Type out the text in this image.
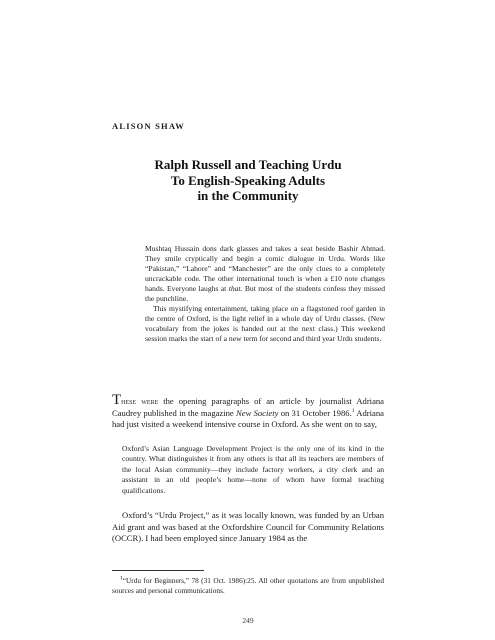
ALISON SHAW
Ralph Russell and Teaching Urdu
To English-Speaking Adults
in the Community

Mushtaq Hussain dons dark glasses and takes a seat beside Bashir Ahmad. They smile cryptically and begin a comic dialogue in Urdu. Words like “Pakistan,” “Lahore” and “Manchester” are the only clues to a completely uncrackable code. The other international touch is when a £10 note changes hands. Everyone laughs at that. But most of the students confess they missed the punchline.

This mystifying entertainment, taking place on a flagstoned roof garden in the centre of Oxford, is the light relief in a whole day of Urdu classes. (New vocabulary from the jokes is handed out at the next class.) This weekend session marks the start of a new term for second and third year Urdu students.

These were the opening paragraphs of an article by journalist Adriana Caudrey published in the magazine New Society on 31 October 1986.$^1$ Adriana had just visited a weekend intensive course in Oxford. As she went on to say,

Oxford’s Asian Language Development Project is the only one of its kind in the country. What distinguishes it from any others is that all its teachers are members of the local Asian community—they include factory workers, a city clerk and an assistant in an old people’s home—none of whom have formal teaching qualifications.

Oxford’s “Urdu Project,” as it was locally known, was funded by an Urban Aid grant and was based at the Oxfordshire Council for Community Relations (OCCR). I had been employed since January 1984 as the

$^1$“Urdu for Beginners,” 78 (31 Oct. 1986):25. All other quotations are from unpublished sources and personal communications.

249
